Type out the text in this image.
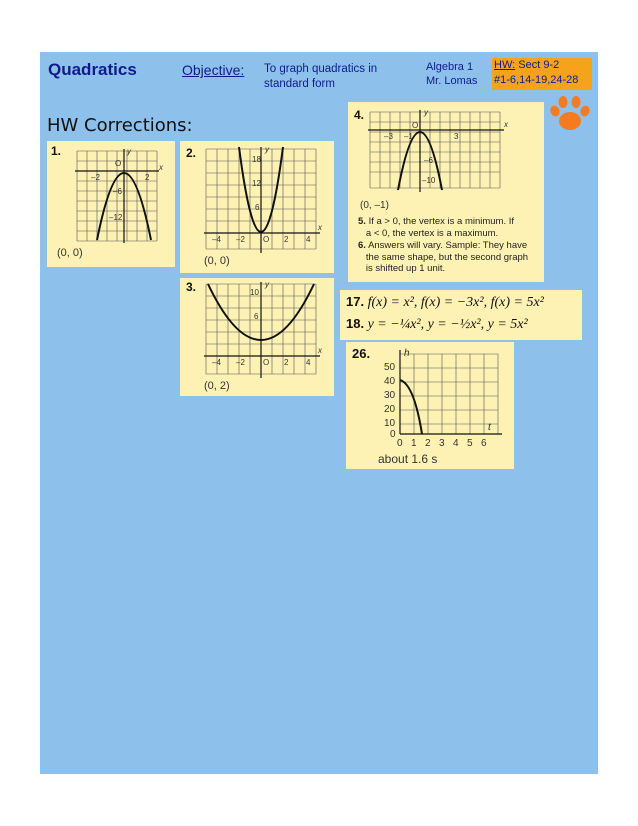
Quadratics	Objective: To graph quadratics in standard form
Algebra 1
Mr. Lomas
HW: Sect 9-2
#1-6,14-19,24-28
HW Corrections:
1.
–2	2
–6
–12
O	x
y
(0, 0)
2.	18
12
6
–4 –2 O 2 4
x
y
(0, 0)
3.	10
6
–4 –2 O 2 4
x
y
(0, 2)
4.
–3 –1
O
3
–6
–10
x
y
(0, –1)
5. If a > 0, the vertex is a minimum. If
a < 0, the vertex is a maximum.
6. Answers will vary. Sample: They have
the same shape, but the second graph
is shifted up 1 unit.
17. f(x) = x², f(x) = −3x², f(x) = 5x²
18. y = −¼x², y = −½x², y = 5x²
26.
50
40
30
20
10
0
0 1 2 3 4 5 6
t
h
about 1.6 s
